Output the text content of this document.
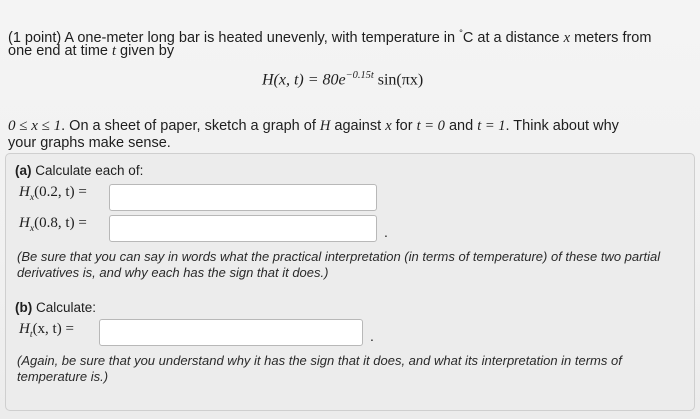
(1 point) A one-meter long bar is heated unevenly, with temperature in °C at a distance x meters from
one end at time t given by
H(x, $t) = 80e^{-0.15t}$ sin(πx)
0 ≤ x ≤ 1. On a sheet of paper, sketch a graph of H against x for t = 0 and t = 1. Think about why
your graphs make sense.
(a) Calculate each of:
$H_x(0.2$, t) =
$H_x(0.8$, t) =
.
(Be sure that you can say in words what the practical interpretation (in terms of temperature) of these two partial derivatives is, and why each has the sign that it does.)
(b) Calculate:
$H_t(x$, t) =	.
(Again, be sure that you understand why it has the sign that it does, and what its interpretation in terms of temperature is.)
